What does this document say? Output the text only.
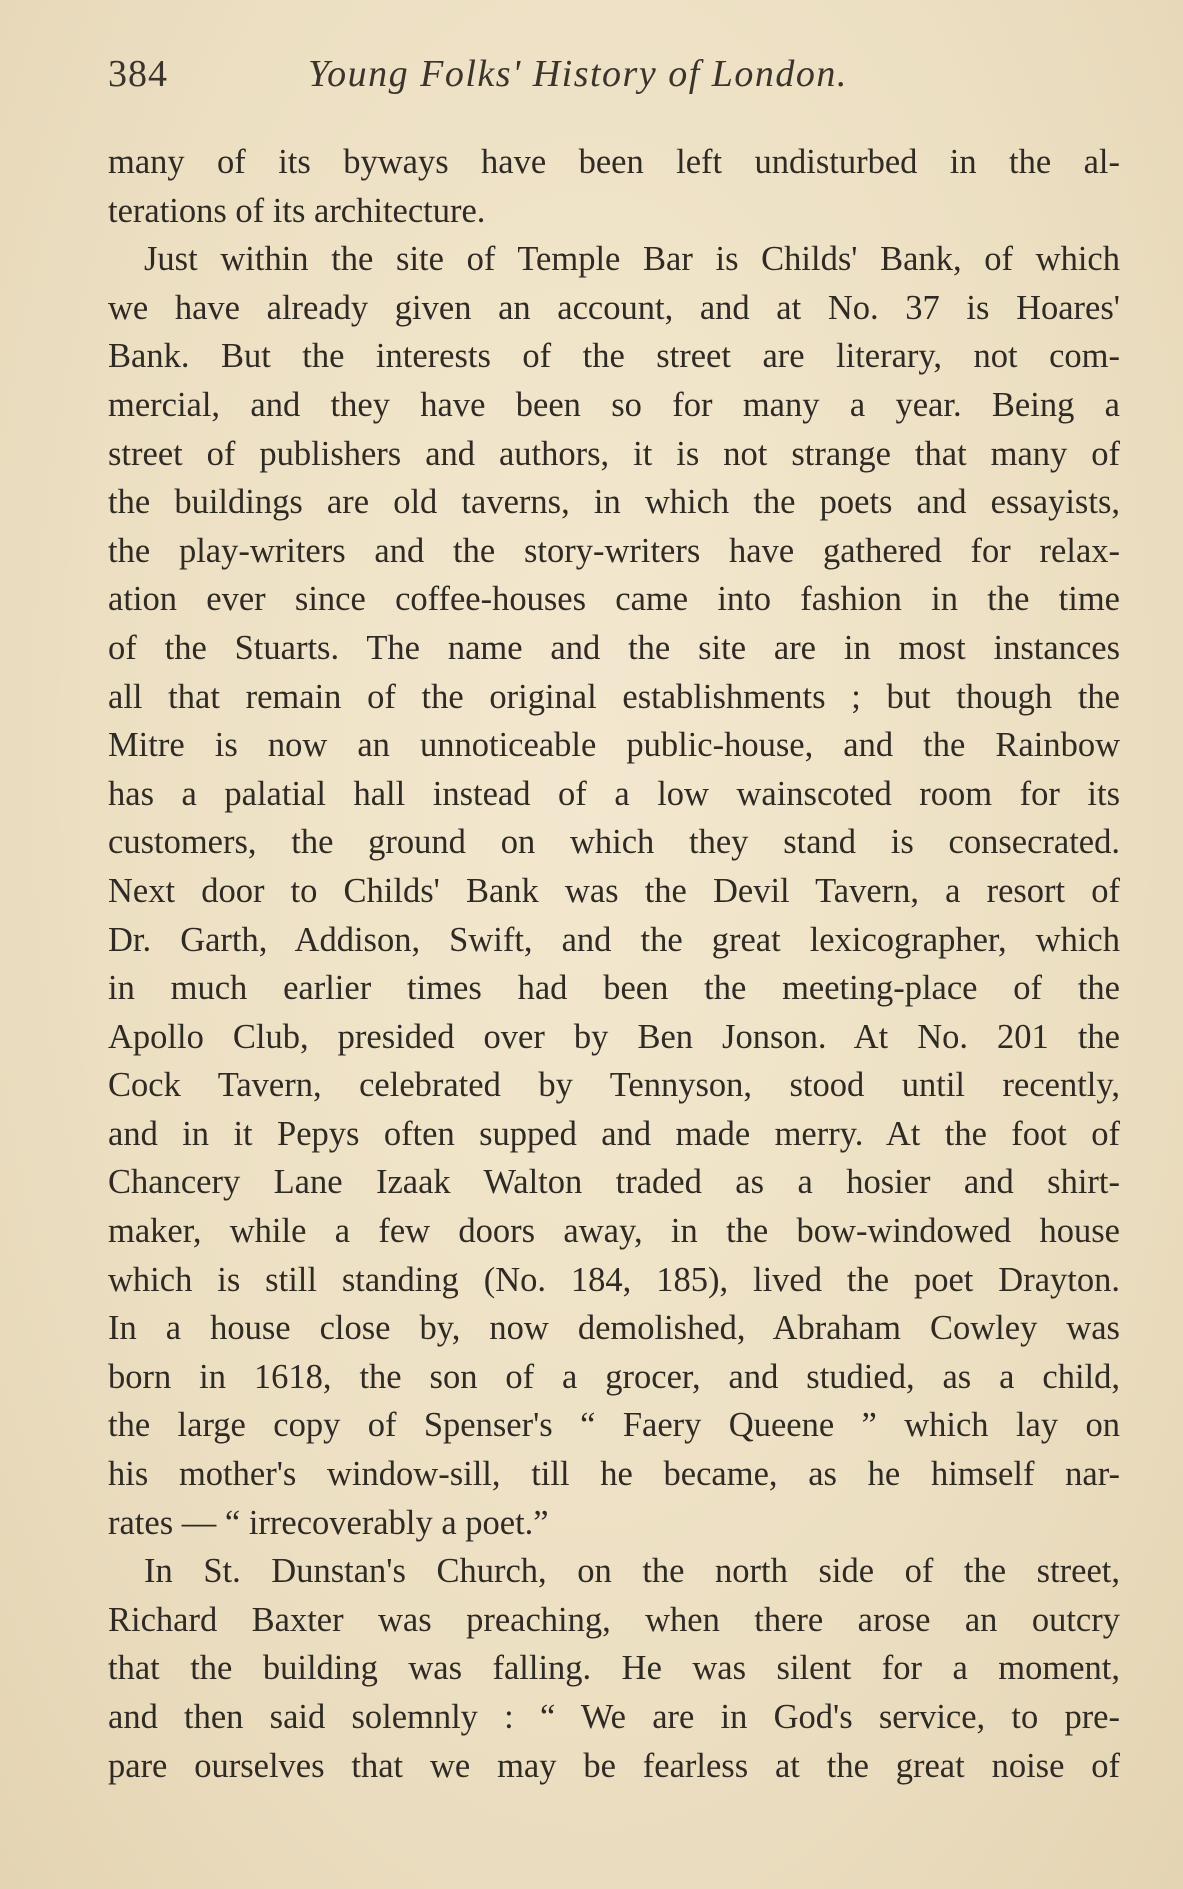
384	Young Folks' History of London.
many of its byways have been left undisturbed in the al-
terations of its architecture.
Just within the site of Temple Bar is Childs' Bank, of which
we have already given an account, and at No. 37 is Hoares'
Bank. But the interests of the street are literary, not com-
mercial, and they have been so for many a year. Being a
street of publishers and authors, it is not strange that many of
the buildings are old taverns, in which the poets and essayists,
the play-writers and the story-writers have gathered for relax-
ation ever since coffee-houses came into fashion in the time
of the Stuarts. The name and the site are in most instances
all that remain of the original establishments ; but though the
Mitre is now an unnoticeable public-house, and the Rainbow
has a palatial hall instead of a low wainscoted room for its
customers, the ground on which they stand is consecrated.
Next door to Childs' Bank was the Devil Tavern, a resort of
Dr. Garth, Addison, Swift, and the great lexicographer, which
in much earlier times had been the meeting-place of the
Apollo Club, presided over by Ben Jonson. At No. 201 the
Cock Tavern, celebrated by Tennyson, stood until recently,
and in it Pepys often supped and made merry. At the foot of
Chancery Lane Izaak Walton traded as a hosier and shirt-
maker, while a few doors away, in the bow-windowed house
which is still standing (No. 184, 185), lived the poet Drayton.
In a house close by, now demolished, Abraham Cowley was
born in 1618, the son of a grocer, and studied, as a child,
the large copy of Spenser's “ Faery Queene ” which lay on
his mother's window-sill, till he became, as he himself nar-
rates — “ irrecoverably a poet.”
In St. Dunstan's Church, on the north side of the street,
Richard Baxter was preaching, when there arose an outcry
that the building was falling. He was silent for a moment,
and then said solemnly : “ We are in God's service, to pre-
pare ourselves that we may be fearless at the great noise of
